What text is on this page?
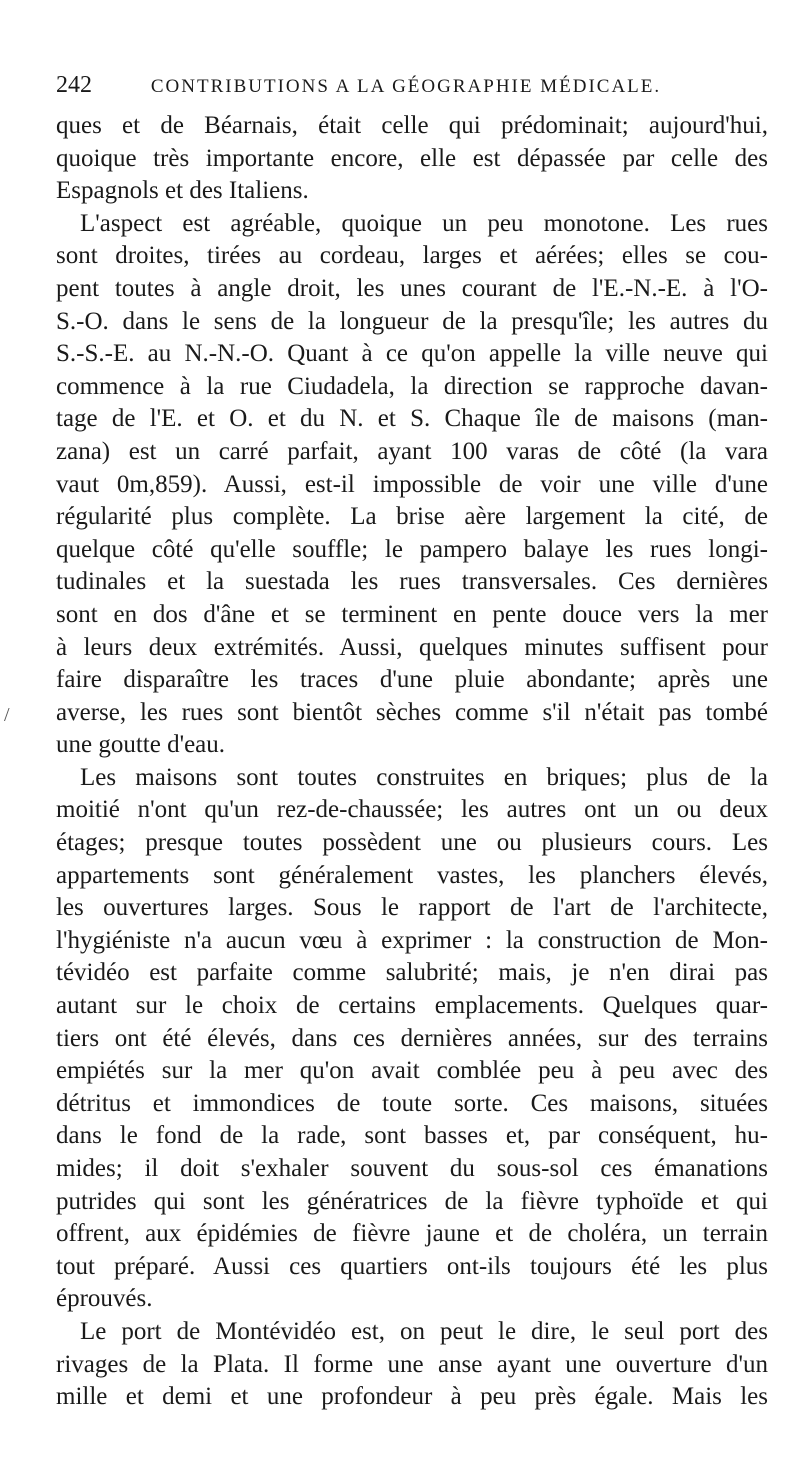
242	CONTRIBUTIONS A LA GÉOGRAPHIE MÉDICALE.
/
ques et de Béarnais, était celle qui prédominait; aujourd'hui,
quoique très importante encore, elle est dépassée par celle des
Espagnols et des Italiens.
L'aspect est agréable, quoique un peu monotone. Les rues
sont droites, tirées au cordeau, larges et aérées; elles se cou-
pent toutes à angle droit, les unes courant de l'E.-N.-E. à l'O-
S.-O. dans le sens de la longueur de la presqu'île; les autres du
S.-S.-E. au N.-N.-O. Quant à ce qu'on appelle la ville neuve qui
commence à la rue Ciudadela, la direction se rapproche davan-
tage de l'E. et O. et du N. et S. Chaque île de maisons (man-
zana) est un carré parfait, ayant 100 varas de côté (la vara
vaut 0m,859). Aussi, est-il impossible de voir une ville d'une
régularité plus complète. La brise aère largement la cité, de
quelque côté qu'elle souffle; le pampero balaye les rues longi-
tudinales et la suestada les rues transversales. Ces dernières
sont en dos d'âne et se terminent en pente douce vers la mer
à leurs deux extrémités. Aussi, quelques minutes suffisent pour
faire disparaître les traces d'une pluie abondante; après une
averse, les rues sont bientôt sèches comme s'il n'était pas tombé
une goutte d'eau.
Les maisons sont toutes construites en briques; plus de la
moitié n'ont qu'un rez-de-chaussée; les autres ont un ou deux
étages; presque toutes possèdent une ou plusieurs cours. Les
appartements sont généralement vastes, les planchers élevés,
les ouvertures larges. Sous le rapport de l'art de l'architecte,
l'hygiéniste n'a aucun vœu à exprimer : la construction de Mon-
tévidéo est parfaite comme salubrité; mais, je n'en dirai pas
autant sur le choix de certains emplacements. Quelques quar-
tiers ont été élevés, dans ces dernières années, sur des terrains
empiétés sur la mer qu'on avait comblée peu à peu avec des
détritus et immondices de toute sorte. Ces maisons, situées
dans le fond de la rade, sont basses et, par conséquent, hu-
mides; il doit s'exhaler souvent du sous-sol ces émanations
putrides qui sont les génératrices de la fièvre typhoïde et qui
offrent, aux épidémies de fièvre jaune et de choléra, un terrain
tout préparé. Aussi ces quartiers ont-ils toujours été les plus
éprouvés.
Le port de Montévidéo est, on peut le dire, le seul port des
rivages de la Plata. Il forme une anse ayant une ouverture d'un
mille et demi et une profondeur à peu près égale. Mais les
